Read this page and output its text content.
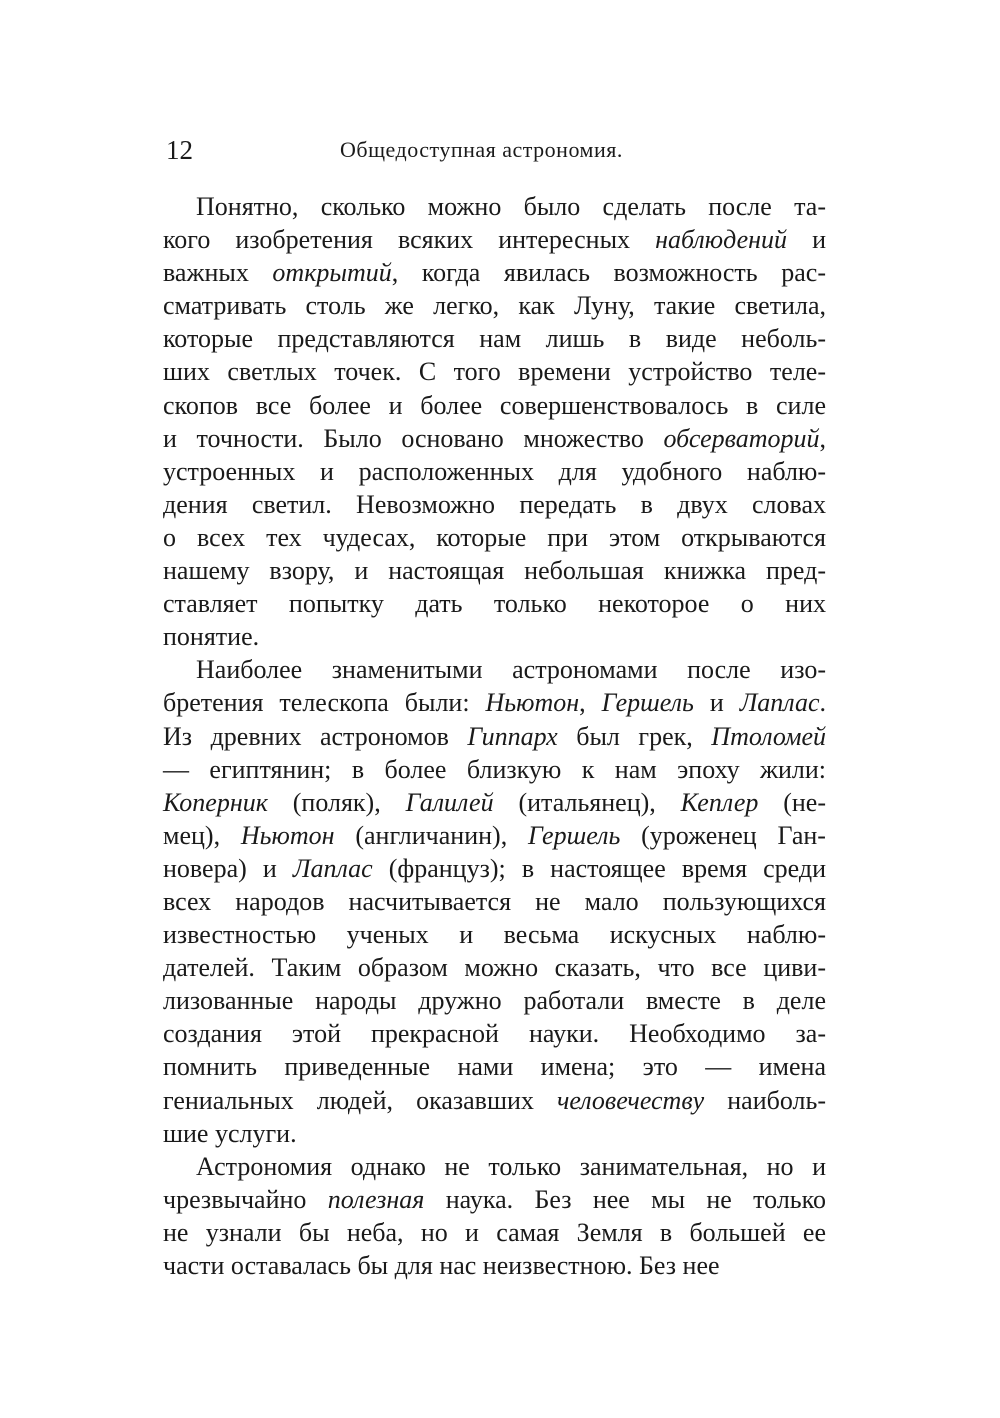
12	Общедоступная астрономия.
Понятно, сколько можно было сделать после та-
кого изобретения всяких интересных наблюдений и
важных открытий, когда явилась возможность рас-
сматривать столь же легко, как Луну, такие светила,
которые представляются нам лишь в виде неболь-
ших светлых точек. С того времени устройство теле-
скопов все более и более совершенствовалось в силе
и точности. Было основано множество обсерваторий,
устроенных и расположенных для удобного наблю-
дения светил. Невозможно передать в двух словах
о всех тех чудесах, которые при этом открываются
нашему взору, и настоящая небольшая книжка пред-
ставляет попытку дать только некоторое о них
понятие.
Наиболее знаменитыми астрономами после изо-
бретения телескопа были: Ньютон, Гершель и Лаплас.
Из древних астрономов Гиппарх был грек, Птоломей
— египтянин; в более близкую к нам эпоху жили:
Коперник (поляк), Галилей (итальянец), Кеплер (не-
мец), Ньютон (англичанин), Гершель (уроженец Ган-
новера) и Лаплас (француз); в настоящее время среди
всех народов насчитывается не мало пользующихся
известностью ученых и весьма искусных наблю-
дателей. Таким образом можно сказать, что все циви-
лизованные народы дружно работали вместе в деле
создания этой прекрасной науки. Необходимо за-
помнить приведенные нами имена; это — имена
гениальных людей, оказавших человечеству наиболь-
шие услуги.
Астрономия однако не только занимательная, но и
чрезвычайно полезная наука. Без нее мы не только
не узнали бы неба, но и самая Земля в большей ее
части оставалась бы для нас неизвестною. Без нее
